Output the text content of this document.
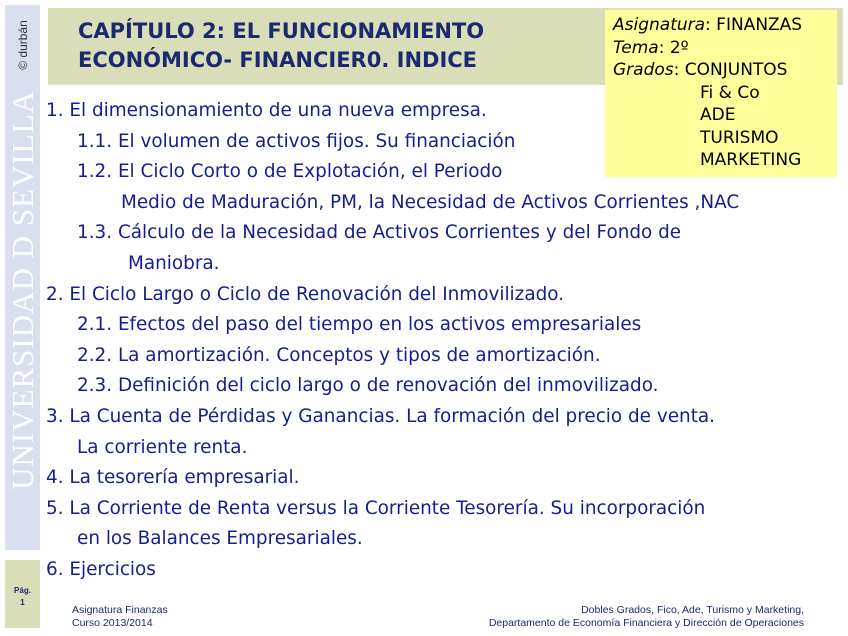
© durbán
UNIVERSIDAD D SEVILLA
Pág.
1
CAPÍTULO 2: EL FUNCIONAMIENTO
ECONÓMICO- FINANCIER0. INDICE
Asignatura: FINANZAS
Tema: 2º
Grados: CONJUNTOS
Fi & Co
ADE
TURISMO
MARKETING
1. El dimensionamiento de una nueva empresa.
1.1. El volumen de activos fijos. Su financiación
1.2. El Ciclo Corto o de Explotación, el Periodo
Medio de Maduración, PM, la Necesidad de Activos Corrientes ,NAC
1.3. Cálculo de la Necesidad de Activos Corrientes y del Fondo de
Maniobra.
2. El Ciclo Largo o Ciclo de Renovación del Inmovilizado.
2.1. Efectos del paso del tiempo en los activos empresariales
2.2. La amortización. Conceptos y tipos de amortización.
2.3. Definición del ciclo largo o de renovación del inmovilizado.
3. La Cuenta de Pérdidas y Ganancias. La formación del precio de venta.
La corriente renta.
4. La tesorería empresarial.
5. La Corriente de Renta versus la Corriente Tesorería. Su incorporación
en los Balances Empresariales.
6. Ejercicios
Asignatura Finanzas
Curso 2013/2014
Dobles Grados, Fico, Ade, Turismo y Marketing,
Departamento de Economía Financiera y Dirección de Operaciones
